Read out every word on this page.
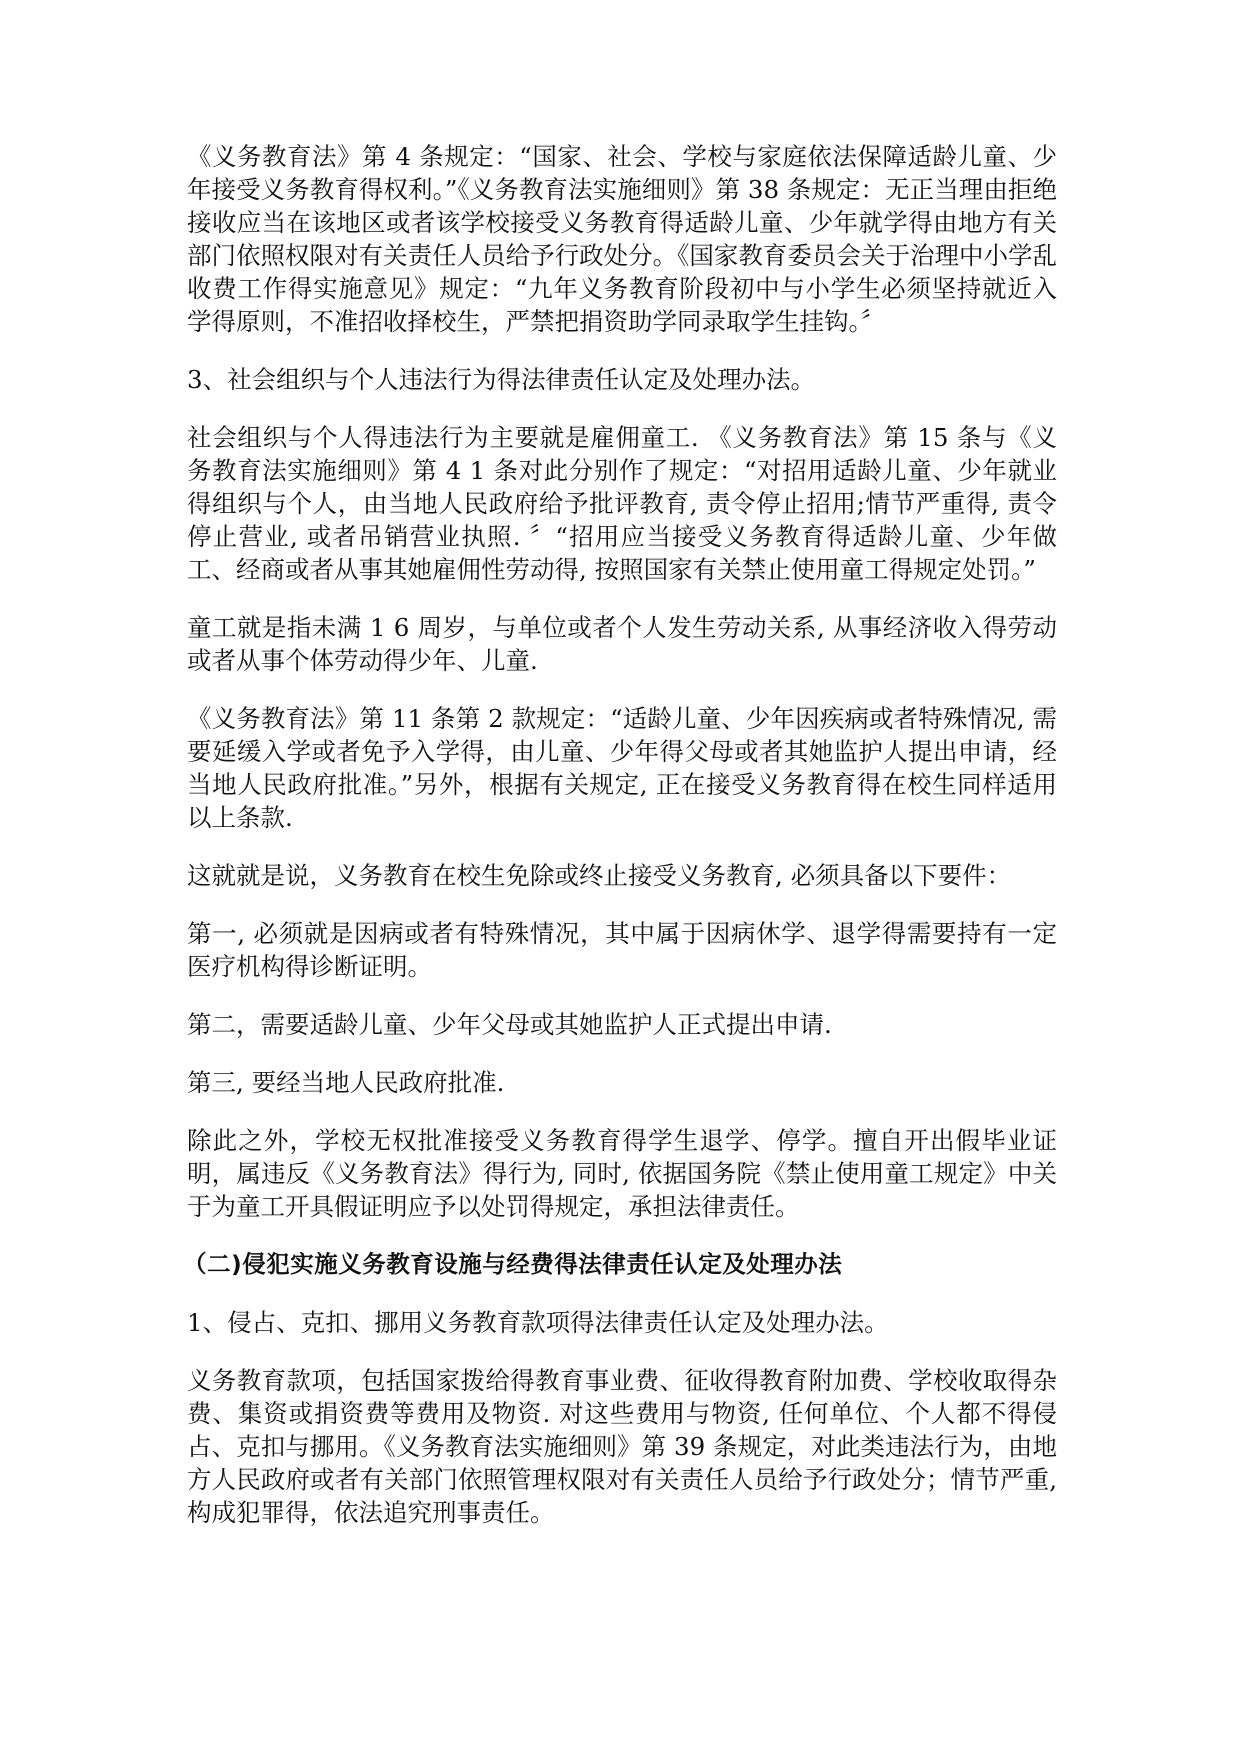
《义务教育法》第 4 条规定：“国家、社会、学校与家庭依法保障适龄儿童、少年接受义务教育得权利。”《义务教育法实施细则》第 38 条规定：无正当理由拒绝接收应当在该地区或者该学校接受义务教育得适龄儿童、少年就学得由地方有关部门依照权限对有关责任人员给予行政处分。《国家教育委员会关于治理中小学乱收费工作得实施意见》规定：“九年义务教育阶段初中与小学生必须坚持就近入学得原则，不准招收择校生，严禁把捐资助学同录取学生挂钩。〞

3、社会组织与个人违法行为得法律责任认定及处理办法。

社会组织与个人得违法行为主要就是雇佣童工. 《义务教育法》第 15 条与《义务教育法实施细则》第 4 1 条对此分别作了规定：“对招用适龄儿童、少年就业得组织与个人，由当地人民政府给予批评教育, 责令停止招用;情节严重得, 责令停止营业, 或者吊销营业执照. 〞“招用应当接受义务教育得适龄儿童、少年做工、经商或者从事其她雇佣性劳动得, 按照国家有关禁止使用童工得规定处罚。”

童工就是指未满 1 6 周岁，与单位或者个人发生劳动关系, 从事经济收入得劳动或者从事个体劳动得少年、儿童.

《义务教育法》第 11 条第 2 款规定：“适龄儿童、少年因疾病或者特殊情况, 需要延缓入学或者免予入学得，由儿童、少年得父母或者其她监护人提出申请，经当地人民政府批准。”另外，根据有关规定, 正在接受义务教育得在校生同样适用以上条款.

这就就是说，义务教育在校生免除或终止接受义务教育, 必须具备以下要件：

第一, 必须就是因病或者有特殊情况，其中属于因病休学、退学得需要持有一定医疗机构得诊断证明。

第二，需要适龄儿童、少年父母或其她监护人正式提出申请.

第三, 要经当地人民政府批准.

除此之外，学校无权批准接受义务教育得学生退学、停学。擅自开出假毕业证明，属违反《义务教育法》得行为, 同时, 依据国务院《禁止使用童工规定》中关于为童工开具假证明应予以处罚得规定，承担法律责任。

（二)侵犯实施义务教育设施与经费得法律责任认定及处理办法

1、侵占、克扣、挪用义务教育款项得法律责任认定及处理办法。

义务教育款项，包括国家拨给得教育事业费、征收得教育附加费、学校收取得杂费、集资或捐资费等费用及物资. 对这些费用与物资, 任何单位、个人都不得侵占、克扣与挪用。《义务教育法实施细则》第 39 条规定，对此类违法行为，由地方人民政府或者有关部门依照管理权限对有关责任人员给予行政处分；情节严重, 构成犯罪得，依法追究刑事责任。
